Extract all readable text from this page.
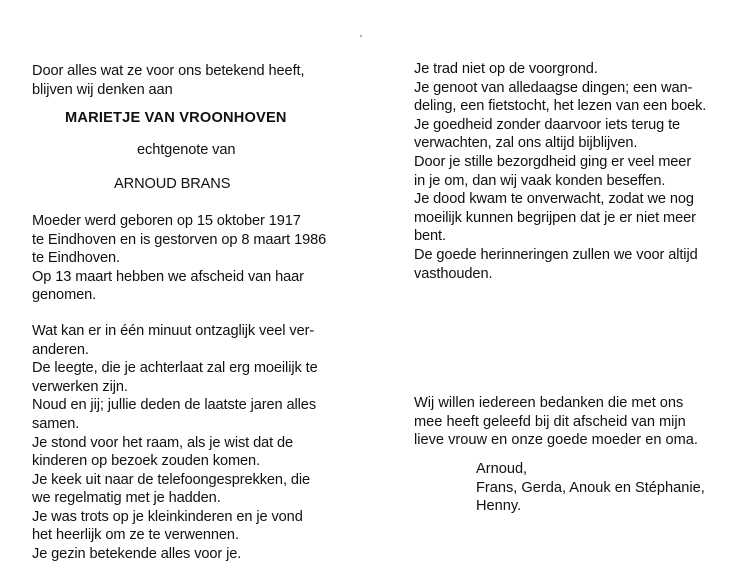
Door alles wat ze voor ons betekend heeft,

blijven wij denken aan

MARIETJE VAN VROONHOVEN

echtgenote van

ARNOUD BRANS

Moeder werd geboren op 15 oktober 1917

te Eindhoven en is gestorven op 8 maart 1986

te Eindhoven.

Op 13 maart hebben we afscheid van haar

genomen.

Wat kan er in één minuut ontzaglijk veel ver-

anderen.

De leegte, die je achterlaat zal erg moeilijk te

verwerken zijn.

Noud en jij; jullie deden de laatste jaren alles

samen.

Je stond voor het raam, als je wist dat de

kinderen op bezoek zouden komen.

Je keek uit naar de telefoongesprekken, die

we regelmatig met je hadden.

Je was trots op je kleinkinderen en je vond

het heerlijk om ze te verwennen.

Je gezin betekende alles voor je.

Je trad niet op de voorgrond.

Je genoot van alledaagse dingen; een wan-

deling, een fietstocht, het lezen van een boek.

Je goedheid zonder daarvoor iets terug te

verwachten, zal ons altijd bijblijven.

Door je stille bezorgdheid ging er veel meer

in je om, dan wij vaak konden beseffen.

Je dood kwam te onverwacht, zodat we nog

moeilijk kunnen begrijpen dat je er niet meer

bent.

De goede herinneringen zullen we voor altijd

vasthouden.

Wij willen iedereen bedanken die met ons

mee heeft geleefd bij dit afscheid van mijn

lieve vrouw en onze goede moeder en oma.

Arnoud,

Frans, Gerda, Anouk en Stéphanie,

Henny.
